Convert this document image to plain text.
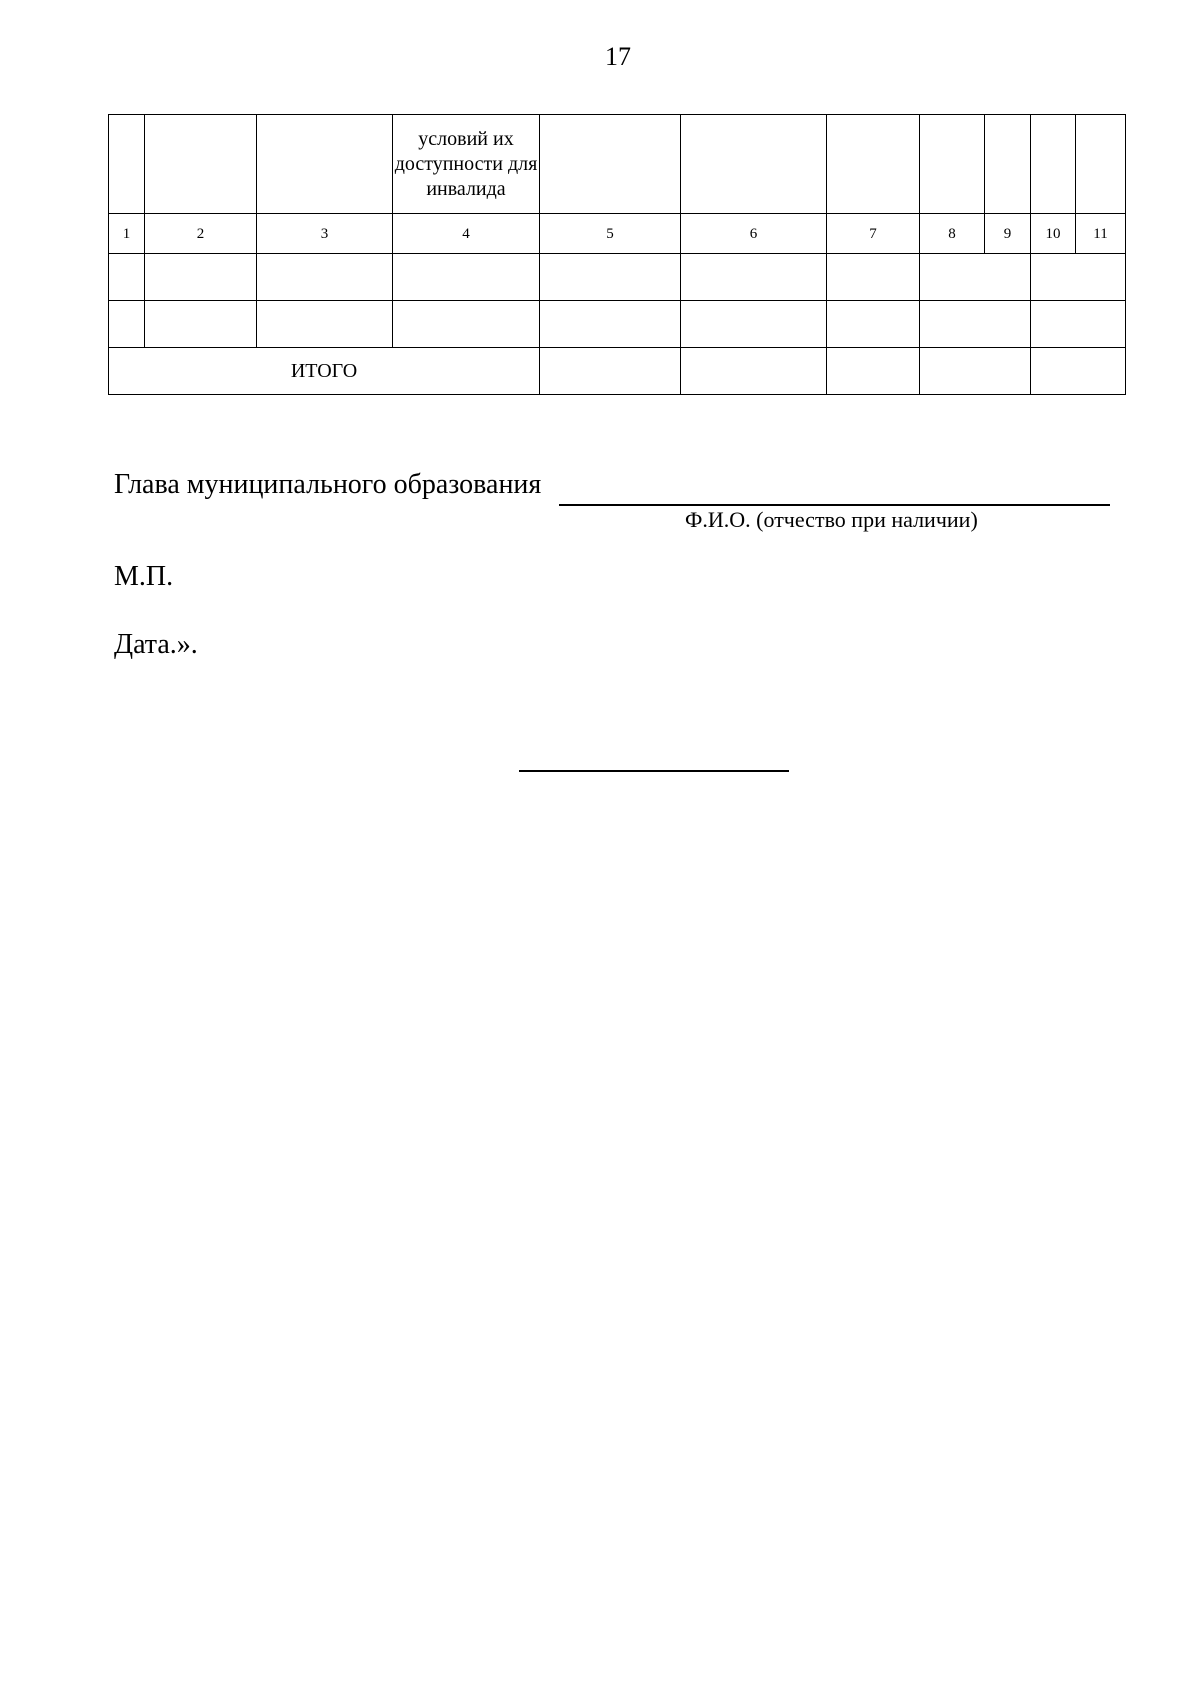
17
			условий их доступности для инвалида							
1	2	3	4	5	6	7	8	9	10	11

ИТОГО										
Глава муниципального образования
Ф.И.О. (отчество при наличии)
М.П.
Дата.».
